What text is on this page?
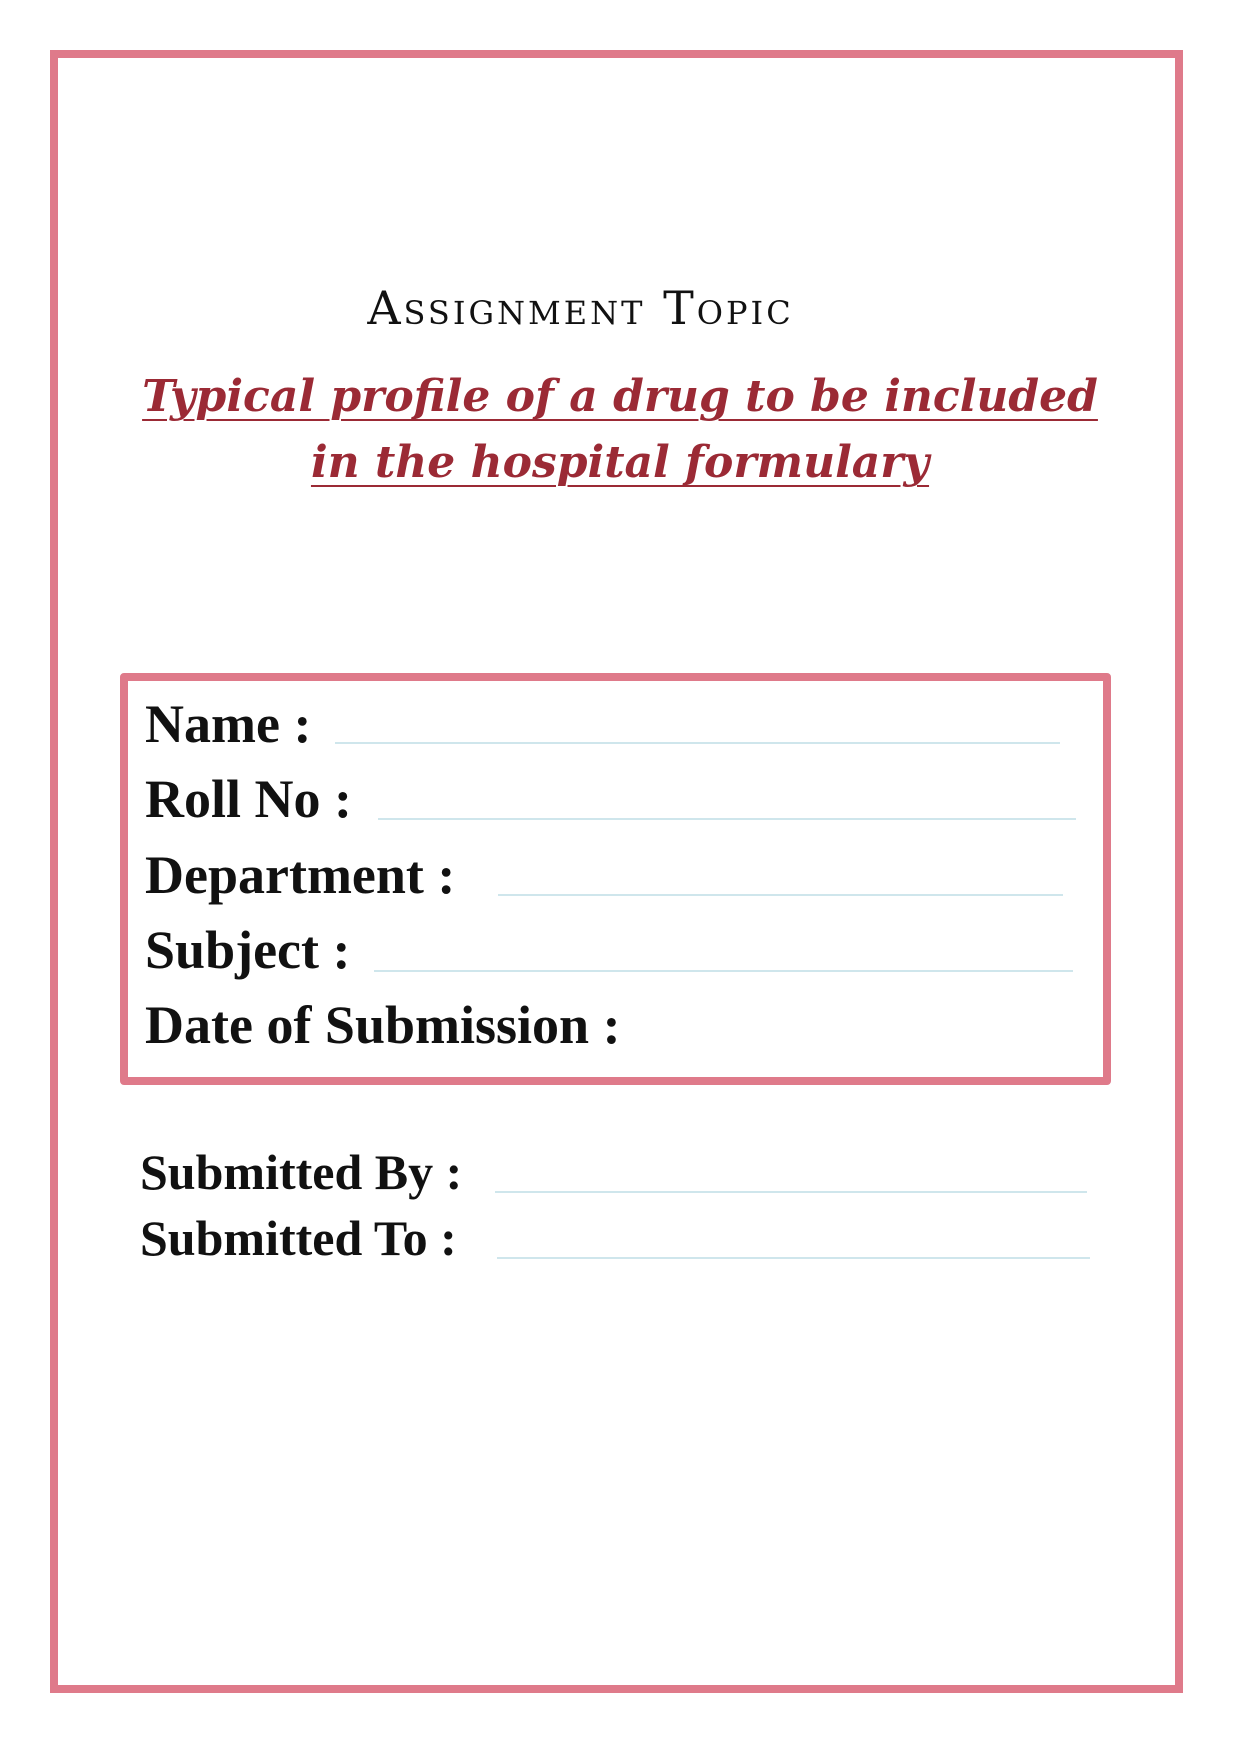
Assignment Topic
Typical profile of a drug to be included in the hospital formulary
Name :
Roll No :
Department :
Subject :
Date of Submission :
Submitted By :
Submitted To :
